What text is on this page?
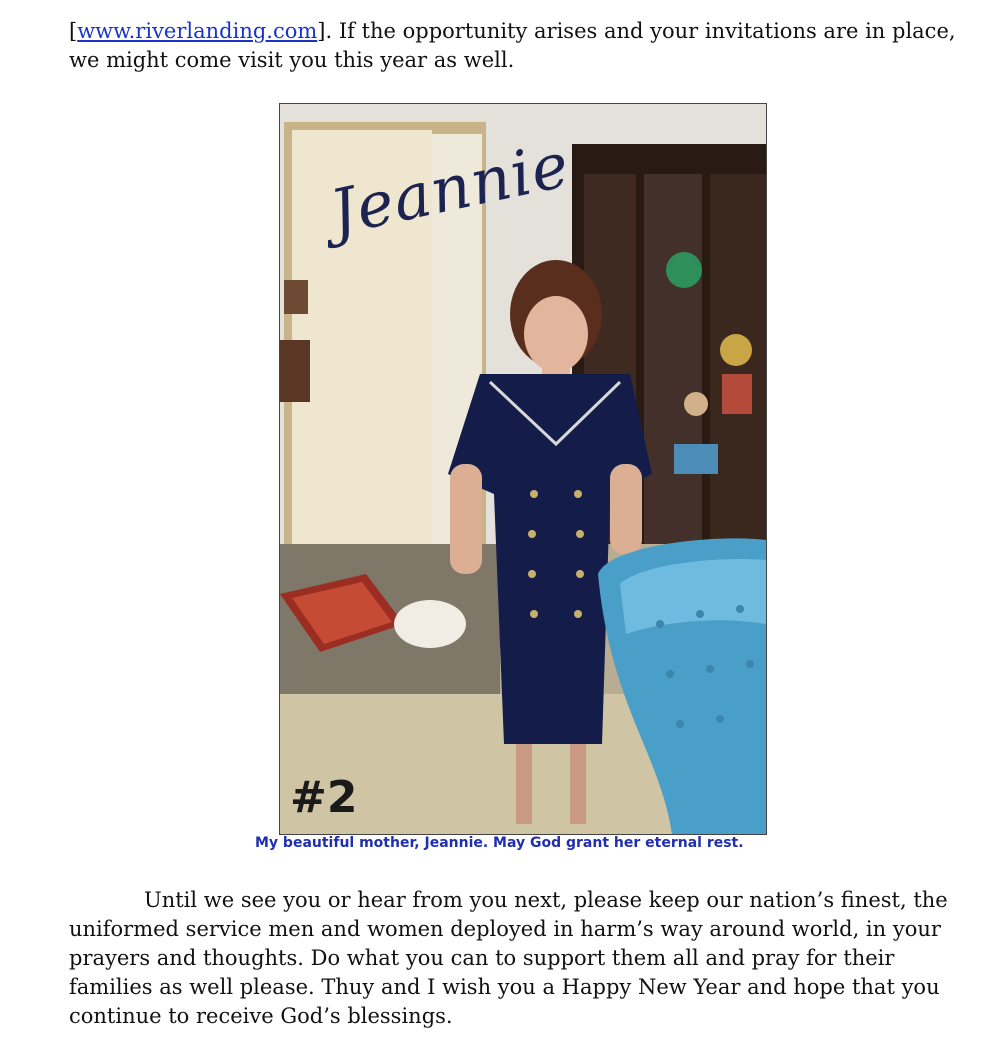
[www.riverlanding.com]. If the opportunity arises and your invitations are in place, we might come visit you this year as well.

Jeannie
#2
My beautiful mother, Jeannie. May God grant her eternal rest.

Until we see you or hear from you next, please keep our nation’s finest, the uniformed service men and women deployed in harm’s way around world, in your prayers and thoughts. Do what you can to support them all and pray for their families as well please. Thuy and I wish you a Happy New Year and hope that you continue to receive God’s blessings.
